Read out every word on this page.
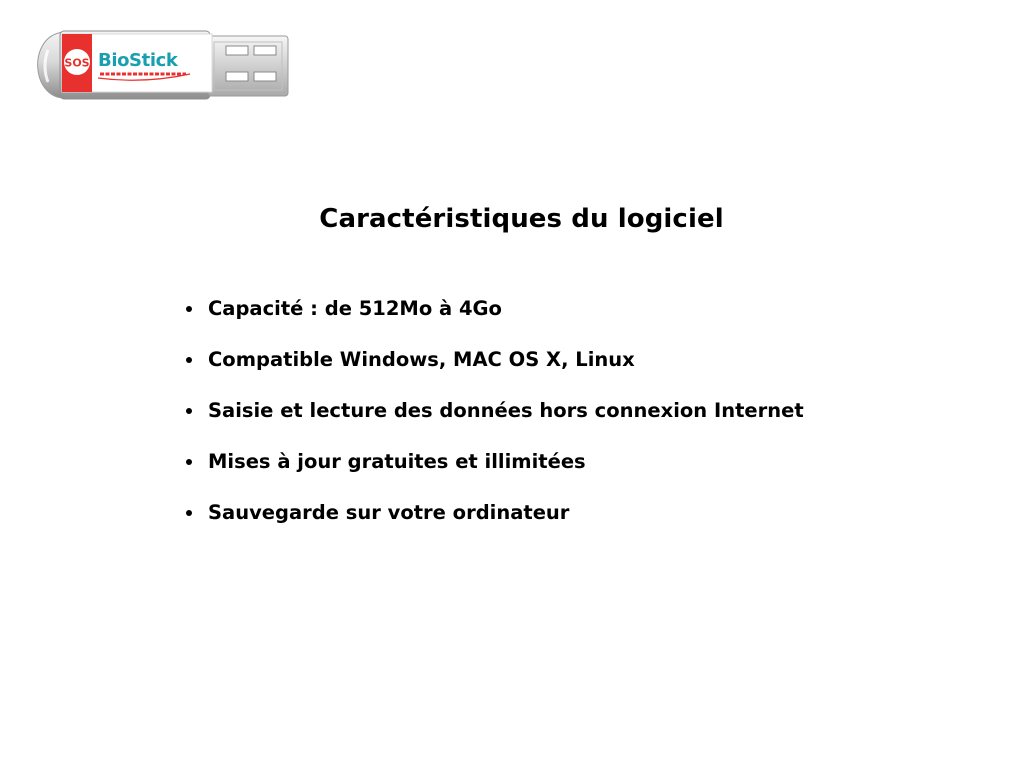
SOS BioStick
Caractéristiques du logiciel
Capacité : de 512Mo à 4Go
Compatible Windows, MAC OS X, Linux
Saisie et lecture des données hors connexion Internet
Mises à jour gratuites et illimitées
Sauvegarde sur votre ordinateur
